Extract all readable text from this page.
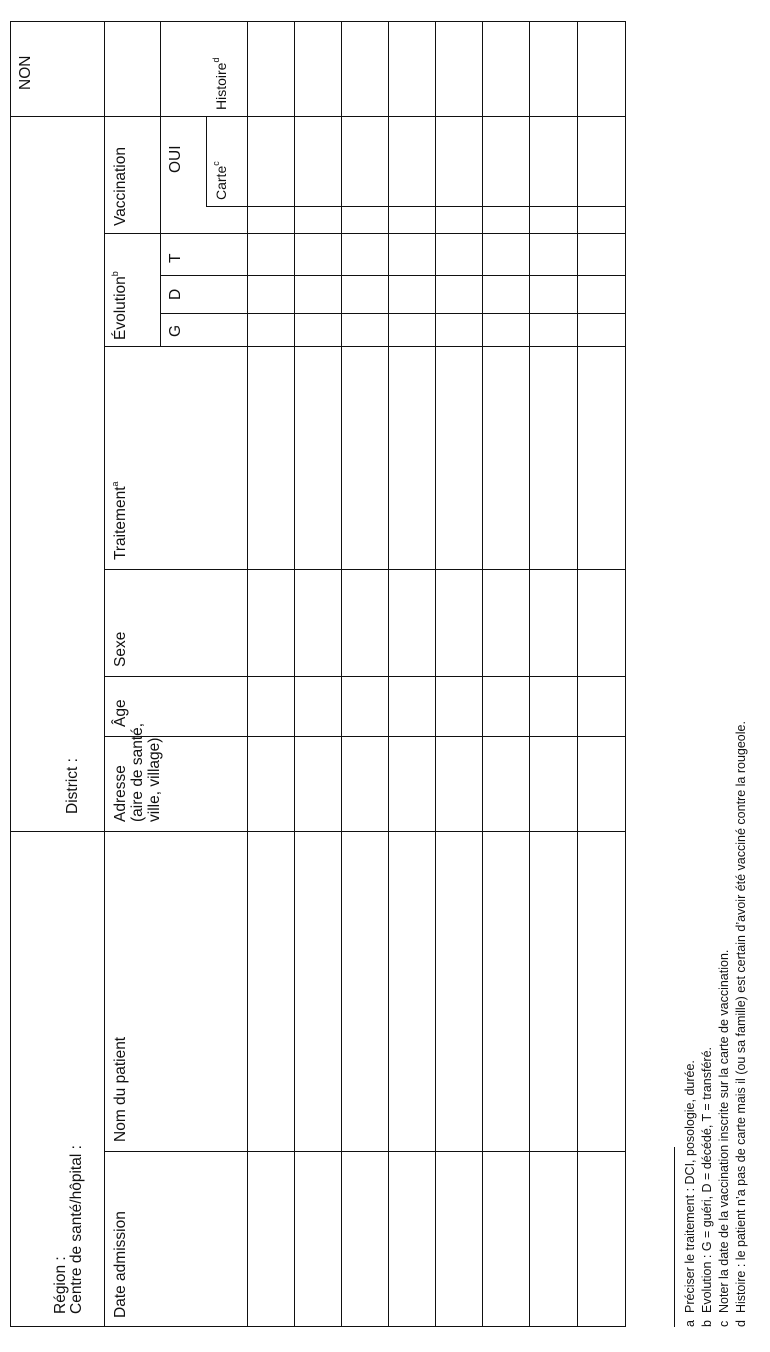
Région : Centre de santé/hôpital :
District :
Date admission
Nom du patient
Adresse (aire de santé, ville, village)
Âge
Sexe
Traitement$^a$
Évolution$^b$
G
D
T
Vaccination OUI
NON
Carte$^c$
Histoire$^d$
aPréciser le traitement : DCI, posologie, durée.
bEvolution : G = guéri, D = décédé, T = transféré.
cNoter la date de la vaccination inscrite sur la carte de vaccination.
dHistoire : le patient n’a pas de carte mais il (ou sa famille) est certain d’avoir été vacciné contre la rougeole.
